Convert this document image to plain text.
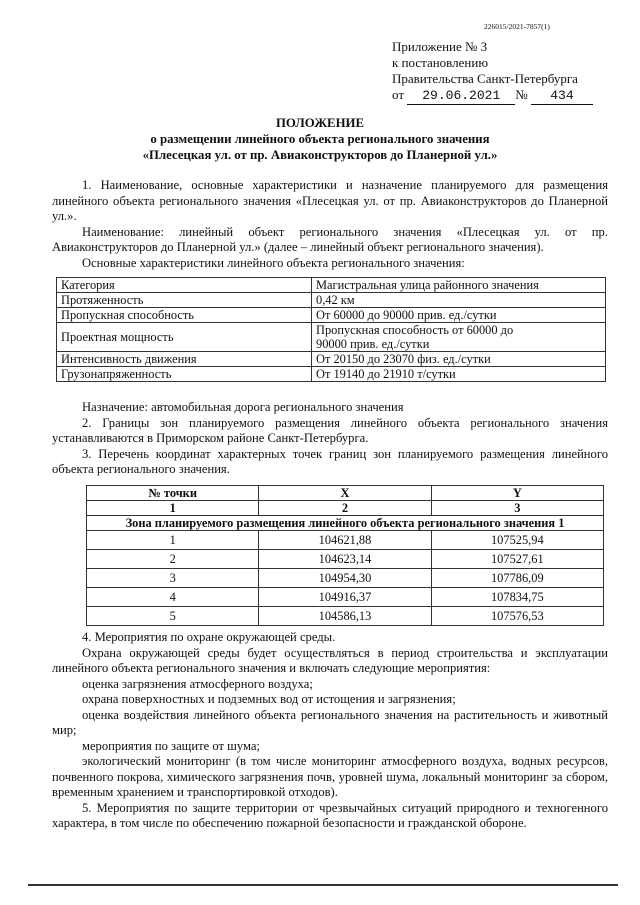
226015/2021-7857(1)
Приложение № 3
к постановлению
Правительства Санкт-Петербурга
от 29.06.2021 № 434
ПОЛОЖЕНИЕ
о размещении линейного объекта регионального значения
«Плесецкая ул. от пр. Авиаконструкторов до Планерной ул.»

1. Наименование, основные характеристики и назначение планируемого для размещения линейного объекта регионального значения «Плесецкая ул. от пр. Авиаконструкторов до Планерной ул.».

Наименование: линейный объект регионального значения «Плесецкая ул. от пр. Авиаконструкторов до Планерной ул.» (далее – линейный объект регионального значения).

Основные характеристики линейного объекта регионального значения:

Категория	Магистральная улица районного значения
Протяженность	0,42 км
Пропускная способность	От 60000 до 90000 прив. ед./сутки
Проектная мощность	Пропускная способность от 60000 до 90000 прив. ед./сутки
Интенсивность движения	От 20150 до 23070 физ. ед./сутки
Грузонапряженность	От 19140 до 21910 т/сутки

Назначение: автомобильная дорога регионального значения

2. Границы зон планируемого размещения линейного объекта регионального значения устанавливаются в Приморском районе Санкт-Петербурга.

3. Перечень координат характерных точек границ зон планируемого размещения линейного объекта регионального значения.

№ точки	X	Y
1	2	3
Зона планируемого размещения линейного объекта регионального значения 1		
1	104621,88	107525,94
2	104623,14	107527,61
3	104954,30	107786,09
4	104916,37	107834,75
5	104586,13	107576,53

4. Мероприятия по охране окружающей среды.

Охрана окружающей среды будет осуществляться в период строительства и эксплуатации линейного объекта регионального значения и включать следующие мероприятия:

оценка загрязнения атмосферного воздуха;

охрана поверхностных и подземных вод от истощения и загрязнения;

оценка воздействия линейного объекта регионального значения на растительность и животный мир;

мероприятия по защите от шума;

экологический мониторинг (в том числе мониторинг атмосферного воздуха, водных ресурсов, почвенного покрова, химического загрязнения почв, уровней шума, локальный мониторинг за сбором, временным хранением и транспортировкой отходов).

5. Мероприятия по защите территории от чрезвычайных ситуаций природного и техногенного характера, в том числе по обеспечению пожарной безопасности и гражданской обороне.
